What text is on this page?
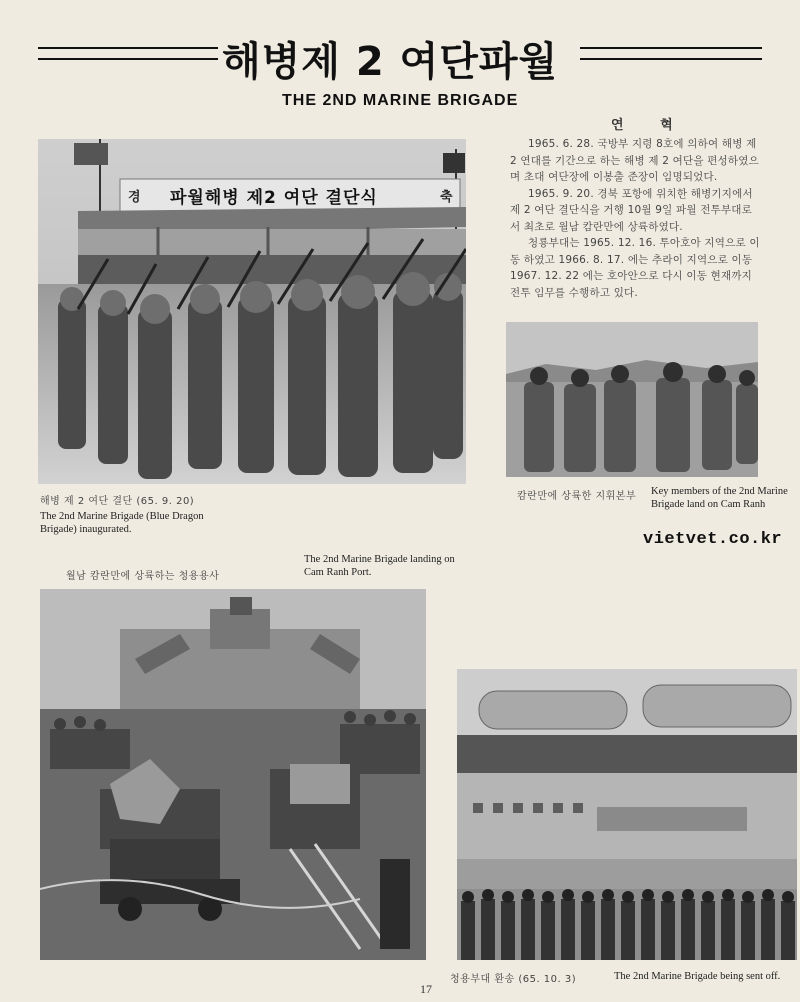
해병제 2 여단파월
THE 2ND MARINE BRIGADE
경 파월해병 제2 여단 결단식	축
해병 제 2 여단 결단 (65. 9. 20)
The 2nd Marine Brigade (Blue Dragon Brigade) inaugurated.
연 혁

1965. 6. 28. 국방부 지령 8호에 의하여 해병 제 2 연대를 기간으로 하는 해병 제 2 여단을 편성하였으며 초대 여단장에 이봉출 준장이 임명되었다.

1965. 9. 20. 경북 포항에 위치한 해병기지에서 제 2 여단 결단식을 거행 10월 9일 파월 전투부대로서 최초로 월남 캄란만에 상륙하였다.

청룡부대는 1965. 12. 16. 투아호아 지역으로 이동 하였고 1966. 8. 17. 에는 추라이 지역으로 이동 1967. 12. 22 에는 호아안으로 다시 이동 현재까지 전투 임무를 수행하고 있다.

캄란만에 상륙한 지휘본부 Key members of the 2nd Marine Brigade land on Cam Ranh
vietvet.co.kr
월남 캄란만에 상륙하는 청용용사
The 2nd Marine Brigade landing on Cam Ranh Port.
청용부대 환송 (65. 10. 3)	The 2nd Marine Brigade being sent off.
17
